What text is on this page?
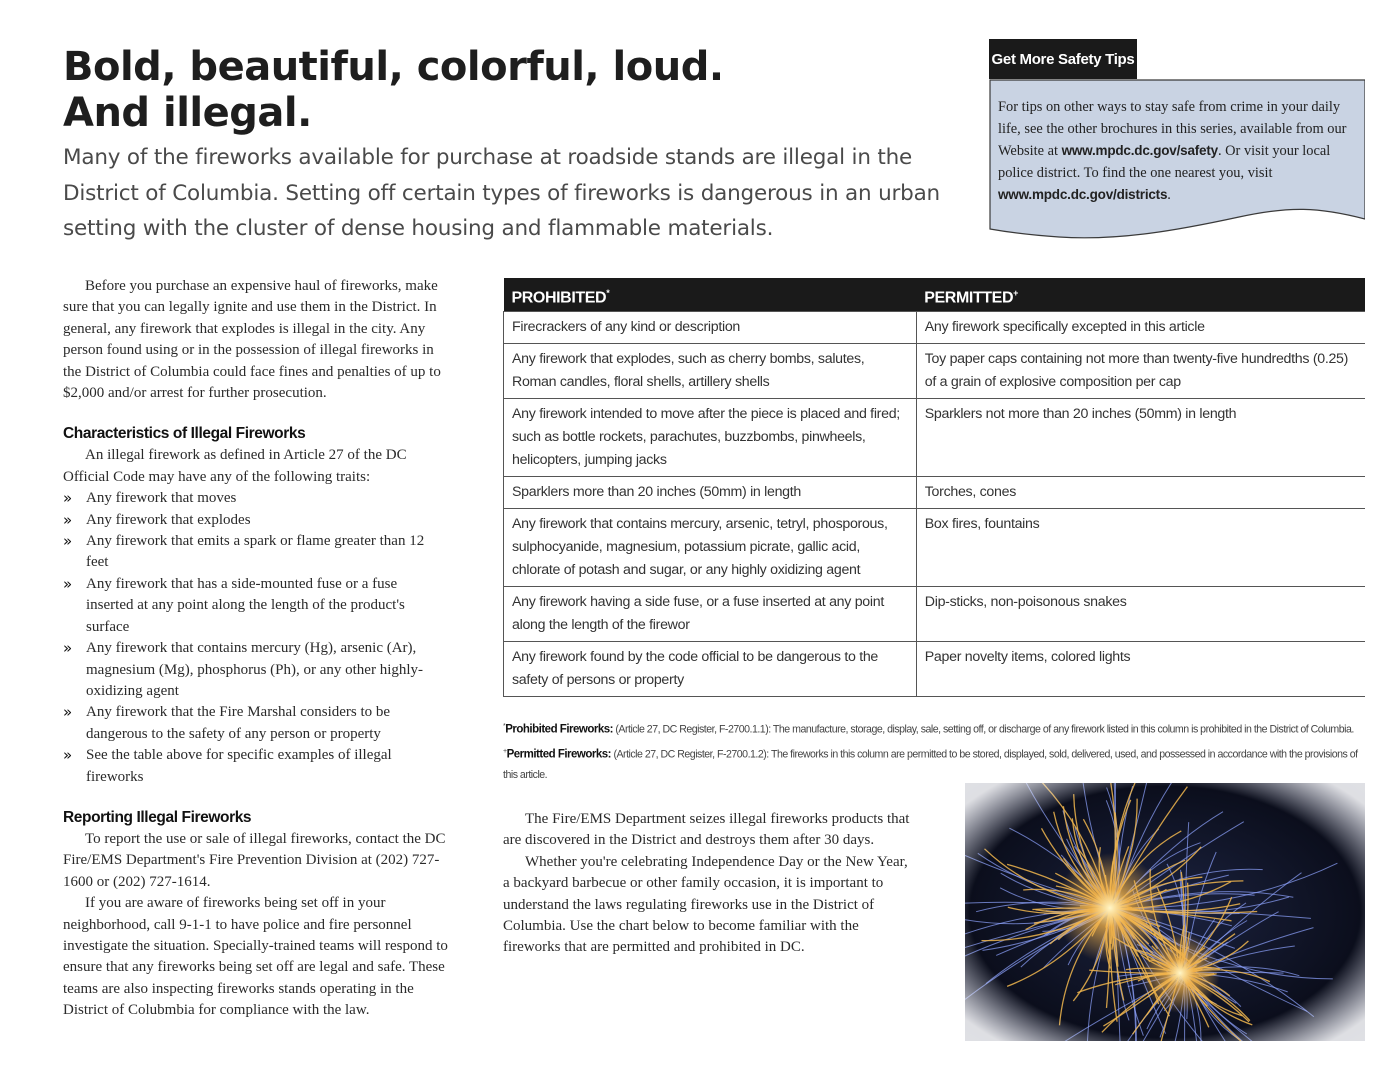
Bold, beautiful, colorful, loud.
And illegal.

Many of the fireworks available for purchase at roadside stands are illegal in the District of Columbia. Setting off certain types of fireworks is dangerous in an urban setting with the cluster of dense housing and flammable materials.

Get More Safety Tips

For tips on other ways to stay safe from crime in your daily life, see the other brochures in this series, available from our Website at www.mpdc.dc.gov/safety. Or visit your local police district. To find the one nearest you, visit www.mpdc.dc.gov/districts.

Before you purchase an expensive haul of fireworks, make sure that you can legally ignite and use them in the District. In general, any firework that explodes is illegal in the city. Any person found using or in the possession of illegal fireworks in the District of Columbia could face fines and penalties of up to $2,000 and/or arrest for further prosecution.

Characteristics of Illegal Fireworks

An illegal firework as defined in Article 27 of the DC Official Code may have any of the following traits:

» Any firework that moves
» Any firework that explodes
» Any firework that emits a spark or flame greater than 12 feet
» Any firework that has a side-mounted fuse or a fuse inserted at any point along the length of the product's surface
» Any firework that contains mercury (Hg), arsenic (Ar), magnesium (Mg), phosphorus (Ph), or any other highly-oxidizing agent
» Any firework that the Fire Marshal considers to be dangerous to the safety of any person or property
» See the table above for specific examples of illegal fireworks
Reporting Illegal Fireworks

To report the use or sale of illegal fireworks, contact the DC Fire/EMS Department's Fire Prevention Division at (202) 727-1600 or (202) 727-1614.

If you are aware of fireworks being set off in your neighborhood, call 9-1-1 to have police and fire personnel investigate the situation. Specially-trained teams will respond to ensure that any fireworks being set off are legal and safe. These teams are also inspecting fireworks stands operating in the District of Colubmbia for compliance with the law.

PROHIBITED*	PERMITTED+
Firecrackers of any kind or description	Any firework specifically excepted in this article
Any firework that explodes, such as cherry bombs, salutes, Roman candles, floral shells, artillery shells	Toy paper caps containing not more than twenty-five hundredths (0.25) of a grain of explosive composition per cap
Any firework intended to move after the piece is placed and fired; such as bottle rockets, parachutes, buzzbombs, pinwheels, helicopters, jumping jacks	Sparklers not more than 20 inches (50mm) in length
Sparklers more than 20 inches (50mm) in length	Torches, cones
Any firework that contains mercury, arsenic, tetryl, phosporous, sulphocyanide, magnesium, potassium picrate, gallic acid, chlorate of potash and sugar, or any highly oxidizing agent	Box fires, fountains
Any firework having a side fuse, or a fuse inserted at any point along the length of the firewor	Dip-sticks, non-poisonous snakes
Any firework found by the code official to be dangerous to the safety of persons or property	Paper novelty items, colored lights
*Prohibited Fireworks: (Article 27, DC Register, F-2700.1.1): The manufacture, storage, display, sale, setting off, or discharge of any firework listed in this column is prohibited in the District of Columbia.
+Permitted Fireworks: (Article 27, DC Register, F-2700.1.2): The fireworks in this column are permitted to be stored, displayed, sold, delivered, used, and possessed in accordance with the provisions of
this article.

The Fire/EMS Department seizes illegal fireworks products that are discovered in the District and destroys them after 30 days.

Whether you're celebrating Independence Day or the New Year, a backyard barbecue or other family occasion, it is important to understand the laws regulating fireworks use in the District of Columbia. Use the chart below to become familiar with the fireworks that are permitted and prohibited in DC.
